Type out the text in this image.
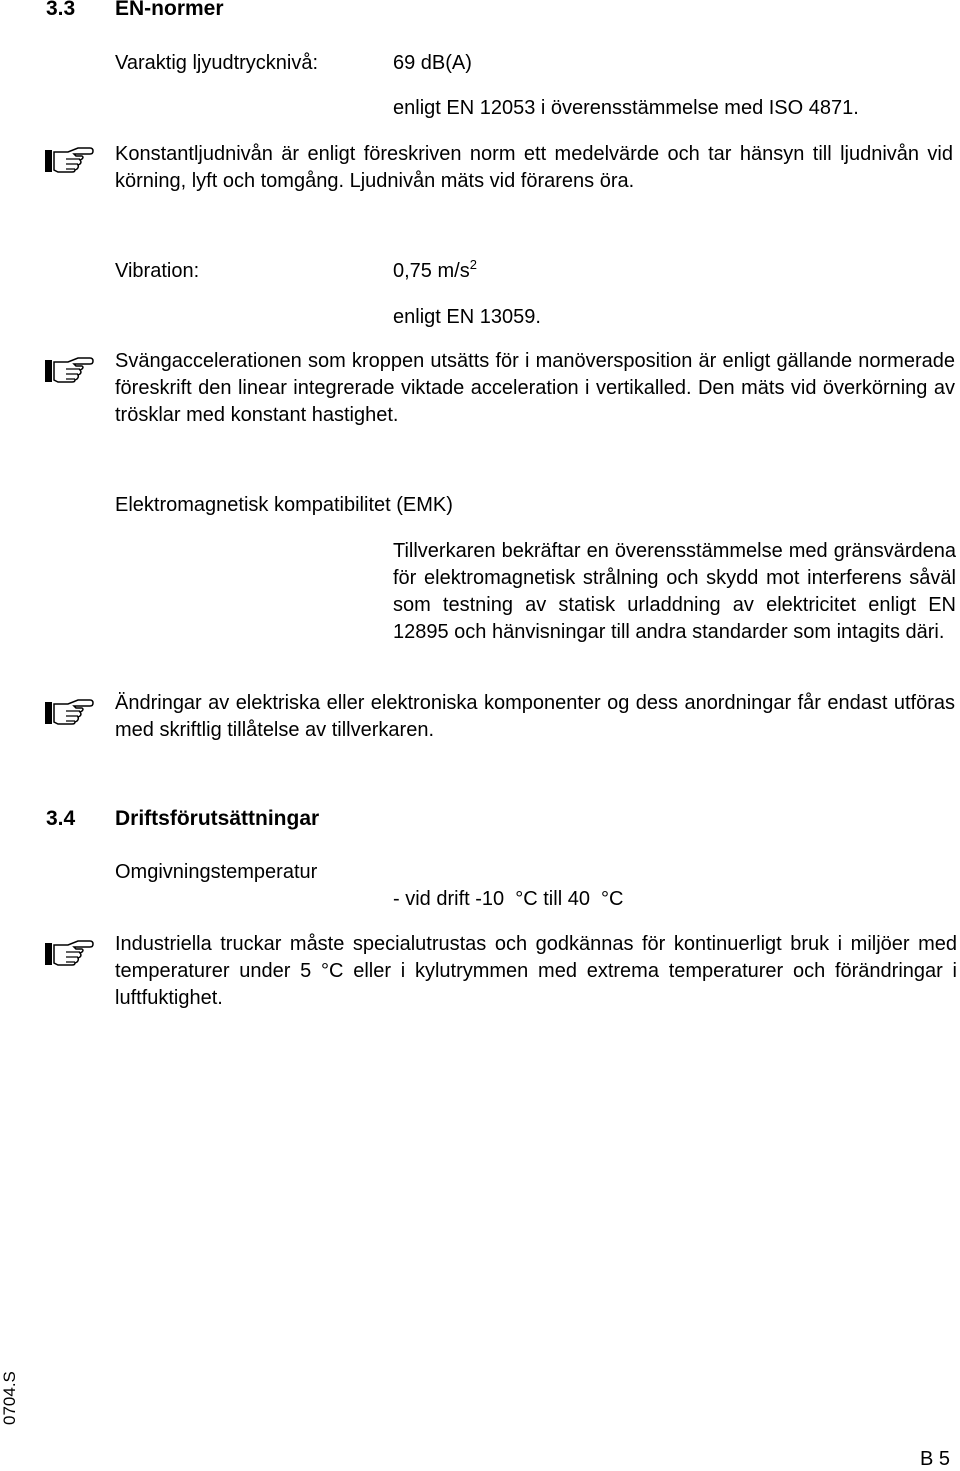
3.3 EN-normer
Varaktig ljyudtrycknivå:	69 dB(A)
enligt EN 12053 i överensstämmelse med ISO 4871.
Konstantljudnivån är enligt föreskriven norm ett medelvärde och tar hänsyn till ljudnivån vid körning, lyft och tomgång. Ljudnivån mäts vid förarens öra.
Vibration:	0,75 $m/s^2$
enligt EN 13059.
Svängaccelerationen som kroppen utsätts för i manöversposition är enligt gällande normerade föreskrift den linear integrerade viktade acceleration i vertikalled. Den mäts vid överkörning av trösklar med konstant hastighet.
Elektromagnetisk kompatibilitet (EMK)
Tillverkaren bekräftar en överensstämmelse med gränsvärdena för elektromagnetisk strålning och skydd mot interferens såväl som testning av statisk urladdning av elektricitet enligt EN 12895 och hänvisningar till andra standarder som intagits däri.
Ändringar av elektriska eller elektroniska komponenter og dess anordningar får endast utföras med skriftlig tillåtelse av tillverkaren.
3.4 Driftsförutsättningar
Omgivningstemperatur
- vid drift -10  °C till 40  °C
Industriella truckar måste specialutrustas och godkännas för kontinuerligt bruk i miljöer med temperaturer under 5 °C eller i kylutrymmen med extrema temperaturer och förändringar i luftfuktighet.
0704.S
B 5
